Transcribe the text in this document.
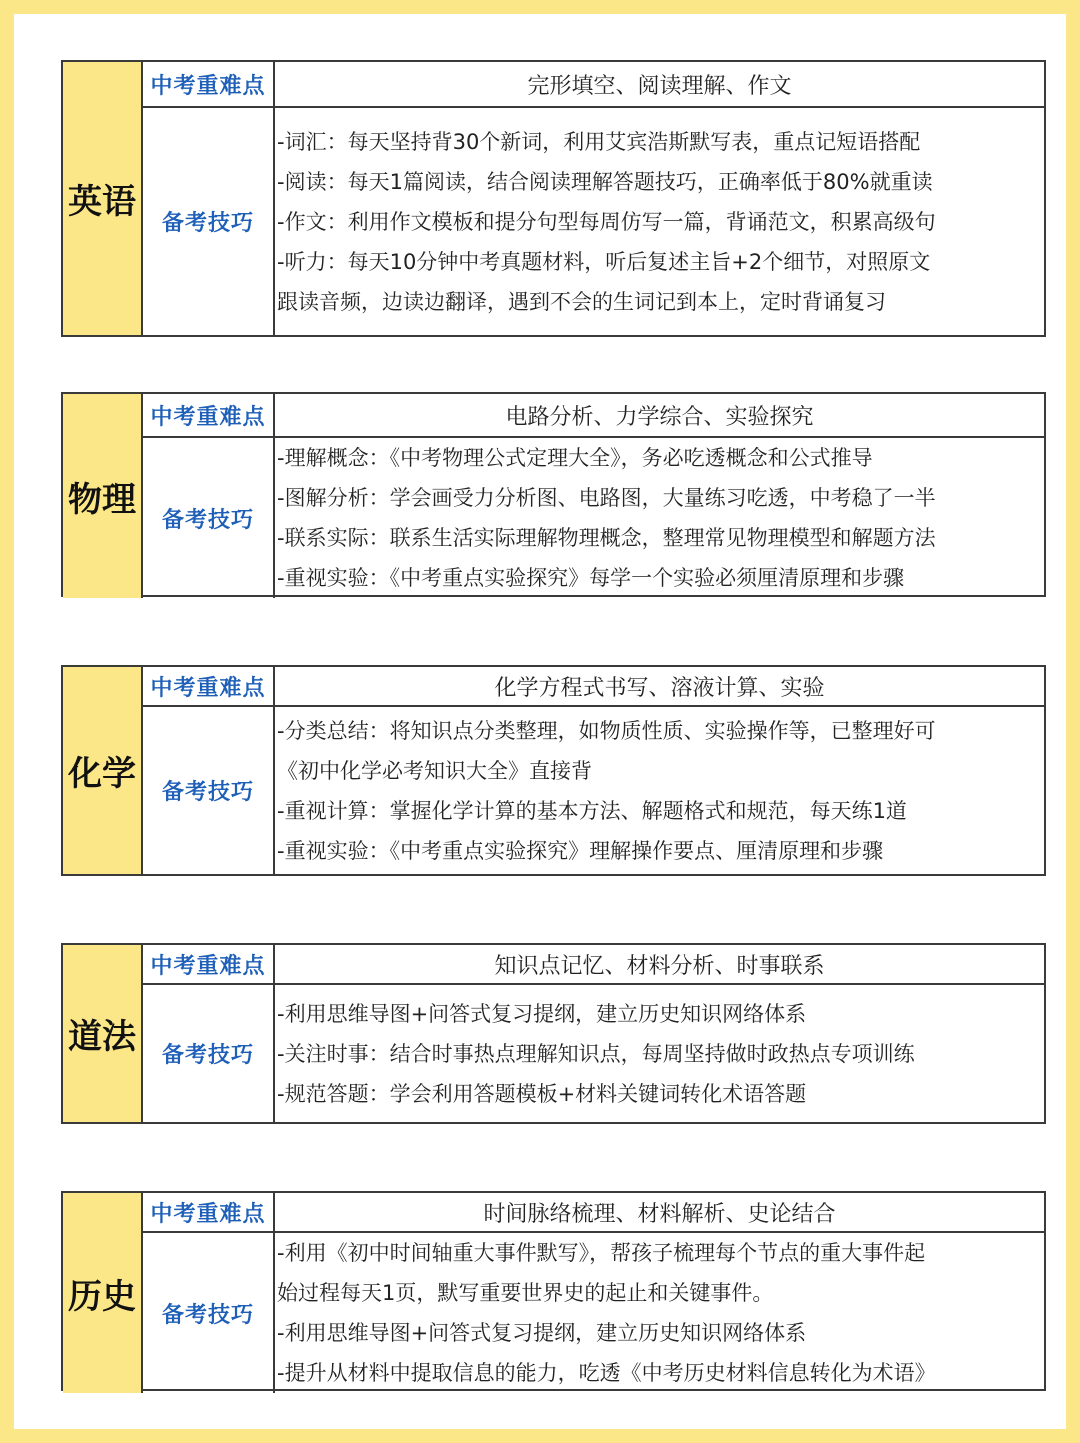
英语
中考重难点	完形填空、阅读理解、作文
备考技巧
-词汇：每天坚持背30个新词，利用艾宾浩斯默写表，重点记短语搭配
-阅读：每天1篇阅读，结合阅读理解答题技巧，正确率低于80%就重读
-作文：利用作文模板和提分句型每周仿写一篇，背诵范文，积累高级句
-听力：每天10分钟中考真题材料，听后复述主旨+2个细节，对照原文
跟读音频，边读边翻译，遇到不会的生词记到本上，定时背诵复习
物理
中考重难点	电路分析、力学综合、实验探究
备考技巧
-理解概念：《中考物理公式定理大全》，务必吃透概念和公式推导
-图解分析：学会画受力分析图、电路图，大量练习吃透，中考稳了一半
-联系实际：联系生活实际理解物理概念，整理常见物理模型和解题方法
-重视实验：《中考重点实验探究》每学一个实验必须厘清原理和步骤
化学
中考重难点	化学方程式书写、溶液计算、实验
备考技巧
-分类总结：将知识点分类整理，如物质性质、实验操作等，已整理好可
《初中化学必考知识大全》直接背
-重视计算：掌握化学计算的基本方法、解题格式和规范，每天练1道
-重视实验：《中考重点实验探究》理解操作要点、厘清原理和步骤
道法
中考重难点	知识点记忆、材料分析、时事联系
备考技巧
-利用思维导图+问答式复习提纲，建立历史知识网络体系
-关注时事：结合时事热点理解知识点，每周坚持做时政热点专项训练
-规范答题：学会利用答题模板+材料关键词转化术语答题
历史
中考重难点	时间脉络梳理、材料解析、史论结合
备考技巧
-利用《初中时间轴重大事件默写》，帮孩子梳理每个节点的重大事件起
始过程每天1页，默写重要世界史的起止和关键事件。
-利用思维导图+问答式复习提纲，建立历史知识网络体系
-提升从材料中提取信息的能力，吃透《中考历史材料信息转化为术语》
